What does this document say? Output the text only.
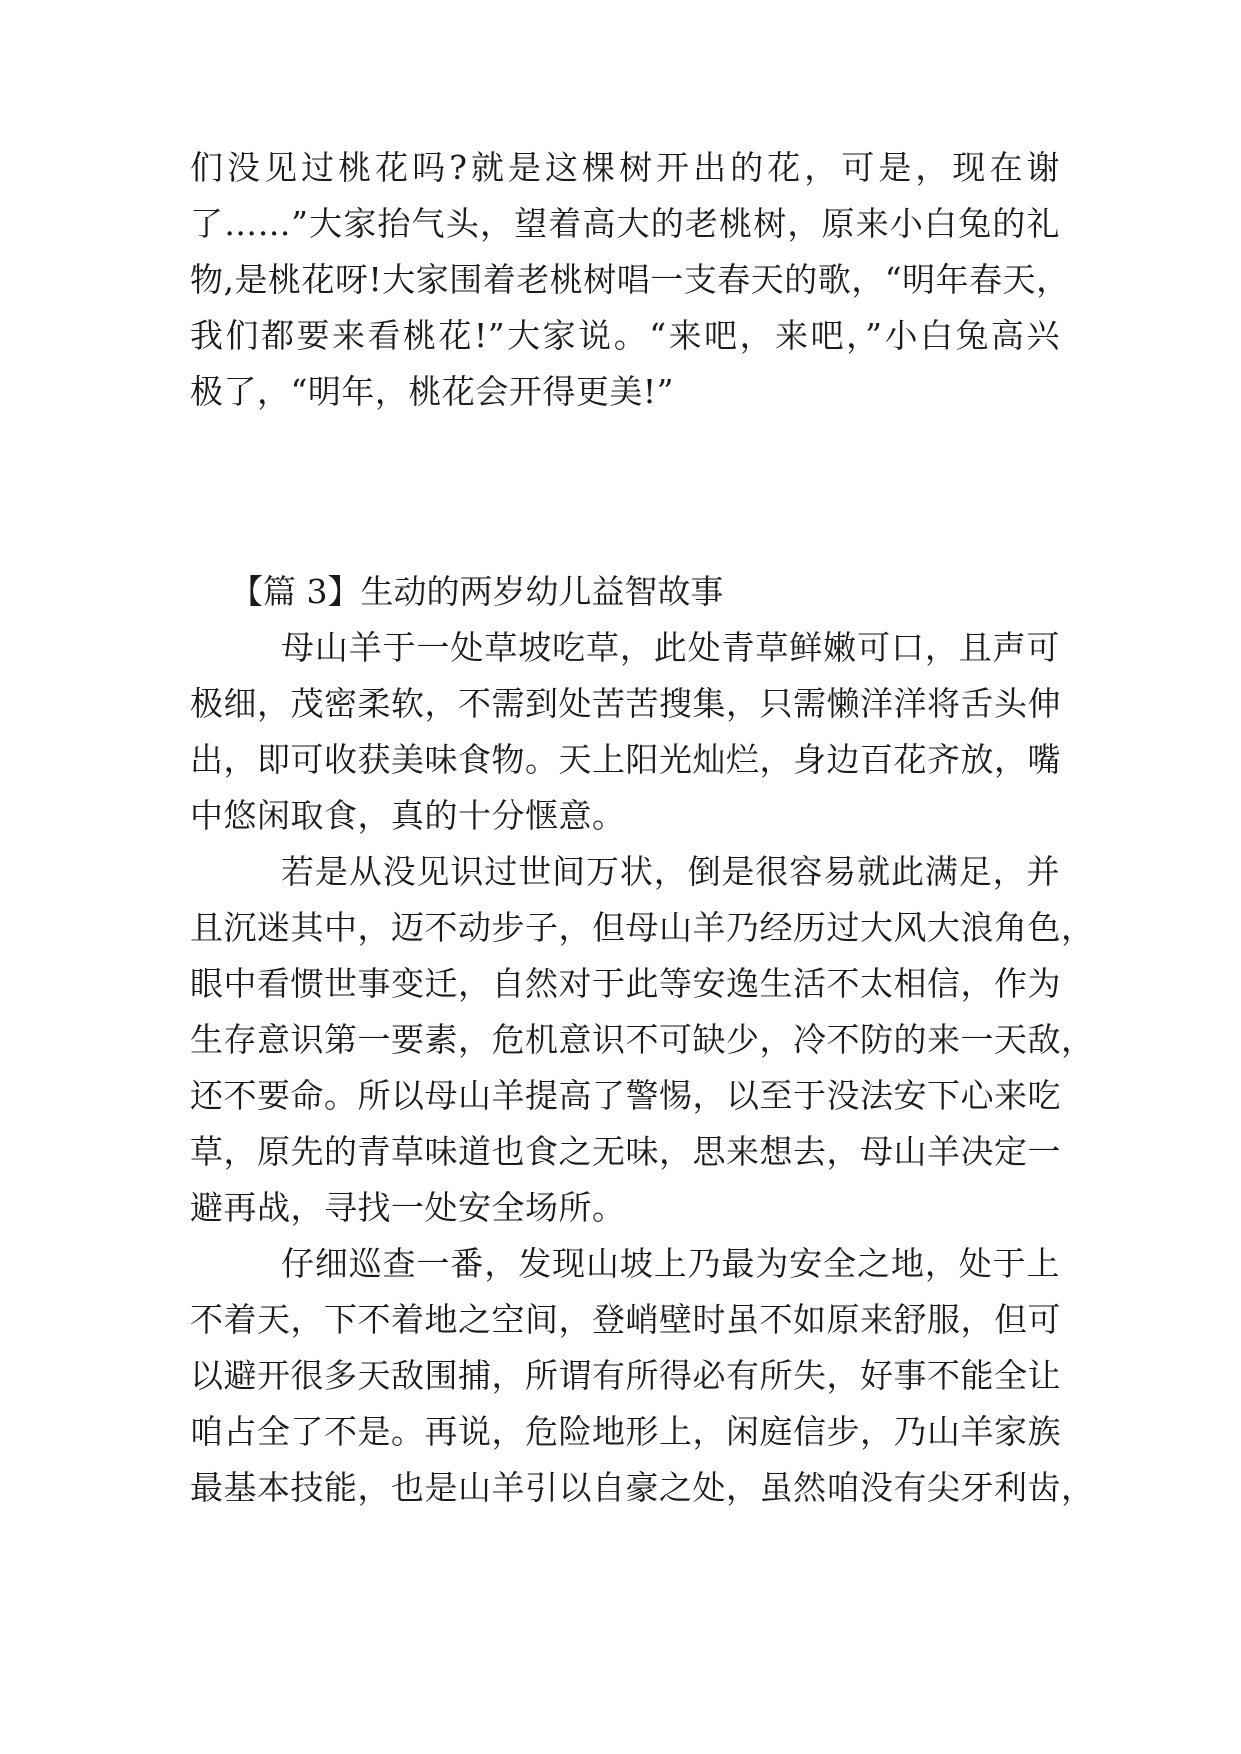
们没见过桃花吗?就是这棵树开出的花，可是，现在谢
了……”大家抬气头，望着高大的老桃树，原来小白兔的礼
物,是桃花呀!大家围着老桃树唱一支春天的歌，“明年春天，
我们都要来看桃花!”大家说。“来吧，来吧，”小白兔高兴
极了，“明年，桃花会开得更美!”
【篇 3】生动的两岁幼儿益智故事
母山羊于一处草坡吃草，此处青草鲜嫩可口，且声可
极细，茂密柔软，不需到处苦苦搜集，只需懒洋洋将舌头伸
出，即可收获美味食物。天上阳光灿烂，身边百花齐放，嘴
中悠闲取食，真的十分惬意。
若是从没见识过世间万状，倒是很容易就此满足，并
且沉迷其中，迈不动步子，但母山羊乃经历过大风大浪角色，
眼中看惯世事变迁，自然对于此等安逸生活不太相信，作为
生存意识第一要素，危机意识不可缺少，冷不防的来一天敌，
还不要命。所以母山羊提高了警惕，以至于没法安下心来吃
草，原先的青草味道也食之无味，思来想去，母山羊决定一
避再战，寻找一处安全场所。
仔细巡查一番，发现山坡上乃最为安全之地，处于上
不着天，下不着地之空间，登峭壁时虽不如原来舒服，但可
以避开很多天敌围捕，所谓有所得必有所失，好事不能全让
咱占全了不是。再说，危险地形上，闲庭信步，乃山羊家族
最基本技能，也是山羊引以自豪之处，虽然咱没有尖牙利齿，
